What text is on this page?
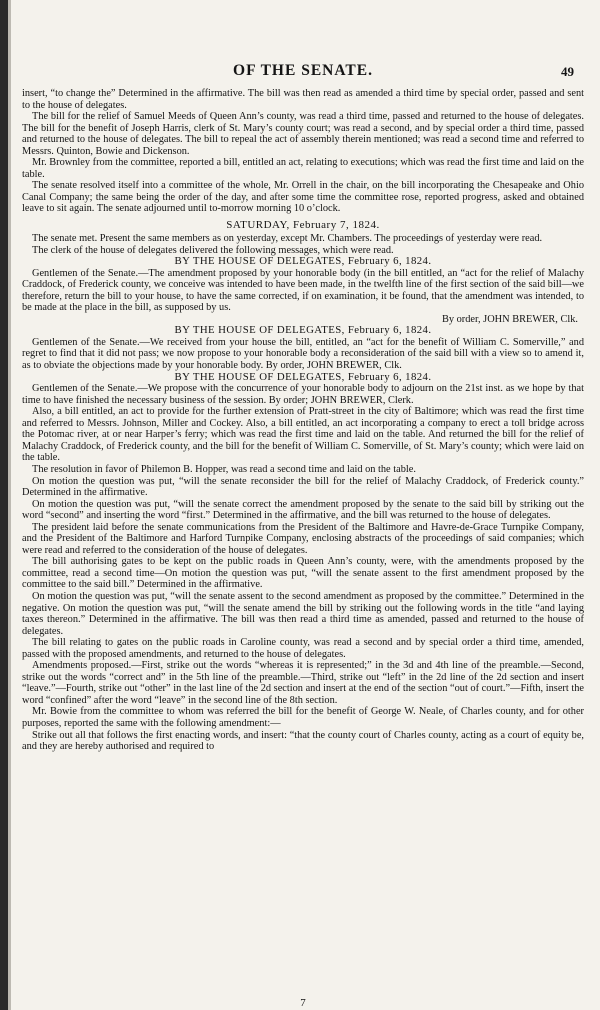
OF THE SENATE.	49

insert, “to change the” Determined in the affirmative. The bill was then read as amended a third time by special order, passed and sent to the house of delegates.

The bill for the relief of Samuel Meeds of Queen Ann’s county, was read a third time, passed and returned to the house of delegates. The bill for the benefit of Joseph Harris, clerk of St. Mary’s county court; was read a second, and by special order a third time, passed and returned to the house of delegates. The bill to repeal the act of assembly therein mentioned; was read a second time and referred to Messrs. Quinton, Bowie and Dickenson.

Mr. Brownley from the committee, reported a bill, entitled an act, relating to executions; which was read the first time and laid on the table.

The senate resolved itself into a committee of the whole, Mr. Orrell in the chair, on the bill incorporating the Chesapeake and Ohio Canal Company; the same being the order of the day, and after some time the committee rose, reported progress, asked and obtained leave to sit again. The senate adjourned until to-morrow morning 10 o’clock.

SATURDAY, February 7, 1824.

The senate met. Present the same members as on yesterday, except Mr. Chambers. The proceedings of yesterday were read.

The clerk of the house of delegates delivered the following messages, which were read.

BY THE HOUSE OF DELEGATES, February 6, 1824.

Gentlemen of the Senate.—The amendment proposed by your honorable body (in the bill entitled, an “act for the relief of Malachy Craddock, of Frederick county, we conceive was intended to have been made, in the twelfth line of the first section of the said bill—we therefore, return the bill to your house, to have the same corrected, if on examination, it be found, that the amendment was intended, to be made at the place in the bill, as supposed by us.

By order, JOHN BREWER, Clk.

BY THE HOUSE OF DELEGATES, February 6, 1824.

Gentlemen of the Senate.—We received from your house the bill, entitled, an “act for the benefit of William C. Somerville,” and regret to find that it did not pass; we now propose to your honorable body a reconsideration of the said bill with a view so to amend it, as to obviate the objections made by your honorable body. By order, JOHN BREWER, Clk.

BY THE HOUSE OF DELEGATES, February 6, 1824.

Gentlemen of the Senate.—We propose with the concurrence of your honorable body to adjourn on the 21st inst. as we hope by that time to have finished the necessary business of the session. By order; JOHN BREWER, Clerk.

Also, a bill entitled, an act to provide for the further extension of Pratt-street in the city of Baltimore; which was read the first time and referred to Messrs. Johnson, Miller and Cockey. Also, a bill entitled, an act incorporating a company to erect a toll bridge across the Potomac river, at or near Harper’s ferry; which was read the first time and laid on the table. And returned the bill for the relief of Malachy Craddock, of Frederick county, and the bill for the benefit of William C. Somerville, of St. Mary’s county; which were laid on the table.

The resolution in favor of Philemon B. Hopper, was read a second time and laid on the table.

On motion the question was put, “will the senate reconsider the bill for the relief of Malachy Craddock, of Frederick county.” Determined in the affirmative.

On motion the question was put, “will the senate correct the amendment proposed by the senate to the said bill by striking out the word “second” and inserting the word “first.” Determined in the affirmative, and the bill was returned to the house of delegates.

The president laid before the senate communications from the President of the Baltimore and Havre-de-Grace Turnpike Company, and the President of the Baltimore and Harford Turnpike Company, enclosing abstracts of the proceedings of said companies; which were read and referred to the consideration of the house of delegates.

The bill authorising gates to be kept on the public roads in Queen Ann’s county, were, with the amendments proposed by the committee, read a second time—On motion the question was put, “will the senate assent to the first amendment proposed by the committee to the said bill.” Determined in the affirmative.

On motion the question was put, “will the senate assent to the second amendment as proposed by the committee.” Determined in the negative. On motion the question was put, “will the senate amend the bill by striking out the following words in the title “and laying taxes thereon.” Determined in the affirmative. The bill was then read a third time as amended, passed and returned to the house of delegates.

The bill relating to gates on the public roads in Caroline county, was read a second and by special order a third time, amended, passed with the proposed amendments, and returned to the house of delegates.

Amendments proposed.—First, strike out the words “whereas it is represented;” in the 3d and 4th line of the preamble.—Second, strike out the words “correct and” in the 5th line of the preamble.—Third, strike out “left” in the 2d line of the 2d section and insert “leave.”—Fourth, strike out “other” in the last line of the 2d section and insert at the end of the section “out of court.”—Fifth, insert the word “confined” after the word “leave” in the second line of the 8th section.

Mr. Bowie from the committee to whom was referred the bill for the benefit of George W. Neale, of Charles county, and for other purposes, reported the same with the following amendment:—

Strike out all that follows the first enacting words, and insert: “that the county court of Charles county, acting as a court of equity be, and they are hereby authorised and required to

7
